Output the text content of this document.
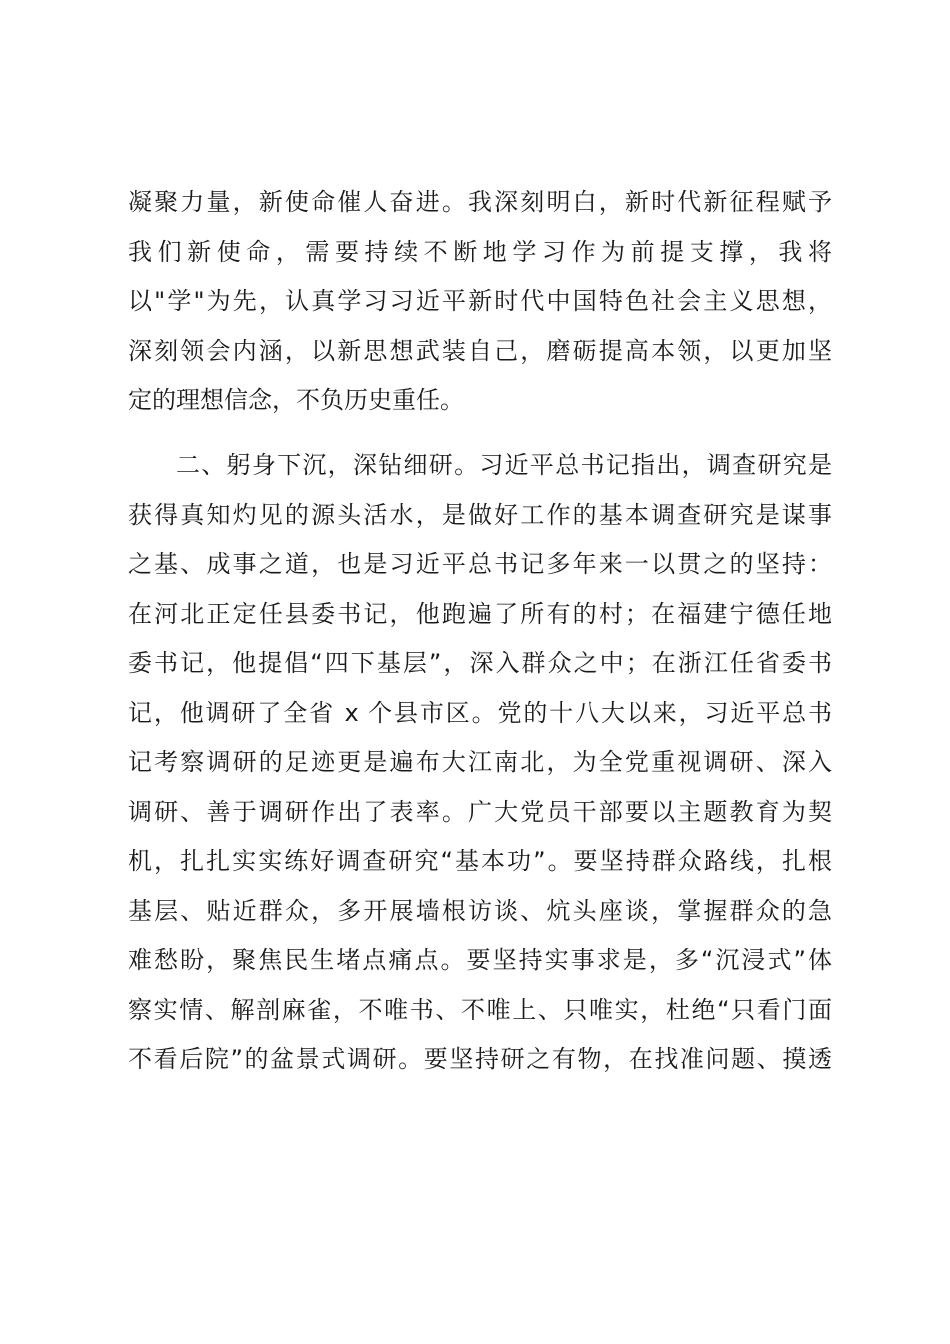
凝聚力量，新使命催人奋进。我深刻明白，新时代新征程赋予
我们新使命，需要持续不断地学习作为前提支撑，我将
以"学"为先，认真学习习近平新时代中国特色社会主义思想，
深刻领会内涵，以新思想武装自己，磨砺提高本领，以更加坚
定的理想信念，不负历史重任。
二、躬身下沉，深钻细研。习近平总书记指出，调查研究是
获得真知灼见的源头活水，是做好工作的基本调查研究是谋事
之基、成事之道，也是习近平总书记多年来一以贯之的坚持：
在河北正定任县委书记，他跑遍了所有的村；在福建宁德任地
委书记，他提倡“四下基层”，深入群众之中；在浙江任省委书
记，他调研了全省 x 个县市区。党的十八大以来，习近平总书
记考察调研的足迹更是遍布大江南北，为全党重视调研、深入
调研、善于调研作出了表率。广大党员干部要以主题教育为契
机，扎扎实实练好调查研究“基本功”。要坚持群众路线，扎根
基层、贴近群众，多开展墙根访谈、炕头座谈，掌握群众的急
难愁盼，聚焦民生堵点痛点。要坚持实事求是，多“沉浸式”体
察实情、解剖麻雀，不唯书、不唯上、只唯实，杜绝“只看门面
不看后院”的盆景式调研。要坚持研之有物，在找准问题、摸透
